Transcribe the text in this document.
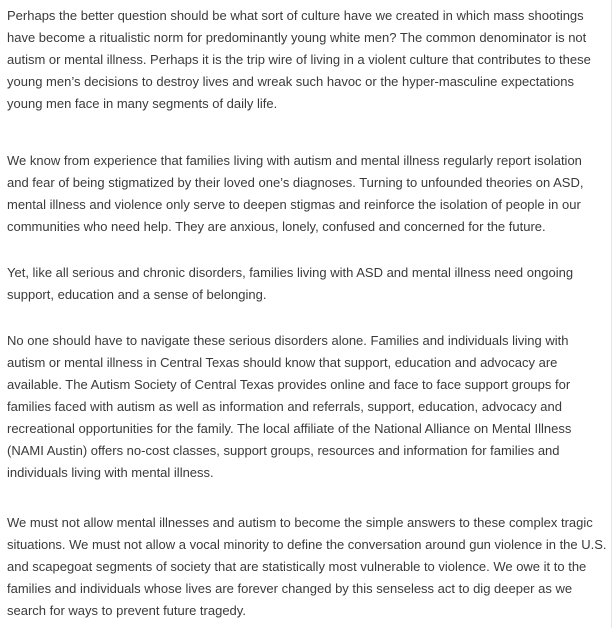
Perhaps the better question should be what sort of culture have we created in which mass shootings have become a ritualistic norm for predominantly young white men? The common denominator is not autism or mental illness. Perhaps it is the trip wire of living in a violent culture that contributes to these young men’s decisions to destroy lives and wreak such havoc or the hyper-masculine expectations young men face in many segments of daily life.

We know from experience that families living with autism and mental illness regularly report isolation and fear of being stigmatized by their loved one’s diagnoses. Turning to unfounded theories on ASD, mental illness and violence only serve to deepen stigmas and reinforce the isolation of people in our communities who need help. They are anxious, lonely, confused and concerned for the future.

Yet, like all serious and chronic disorders, families living with ASD and mental illness need ongoing support, education and a sense of belonging.

No one should have to navigate these serious disorders alone. Families and individuals living with autism or mental illness in Central Texas should know that support, education and advocacy are available. The Autism Society of Central Texas provides online and face to face support groups for families faced with autism as well as information and referrals, support, education, advocacy and recreational opportunities for the family. The local affiliate of the National Alliance on Mental Illness (NAMI Austin) offers no-cost classes, support groups, resources and information for families and individuals living with mental illness.

We must not allow mental illnesses and autism to become the simple answers to these complex tragic situations. We must not allow a vocal minority to define the conversation around gun violence in the U.S. and scapegoat segments of society that are statistically most vulnerable to violence. We owe it to the families and individuals whose lives are forever changed by this senseless act to dig deeper as we search for ways to prevent future tragedy.
